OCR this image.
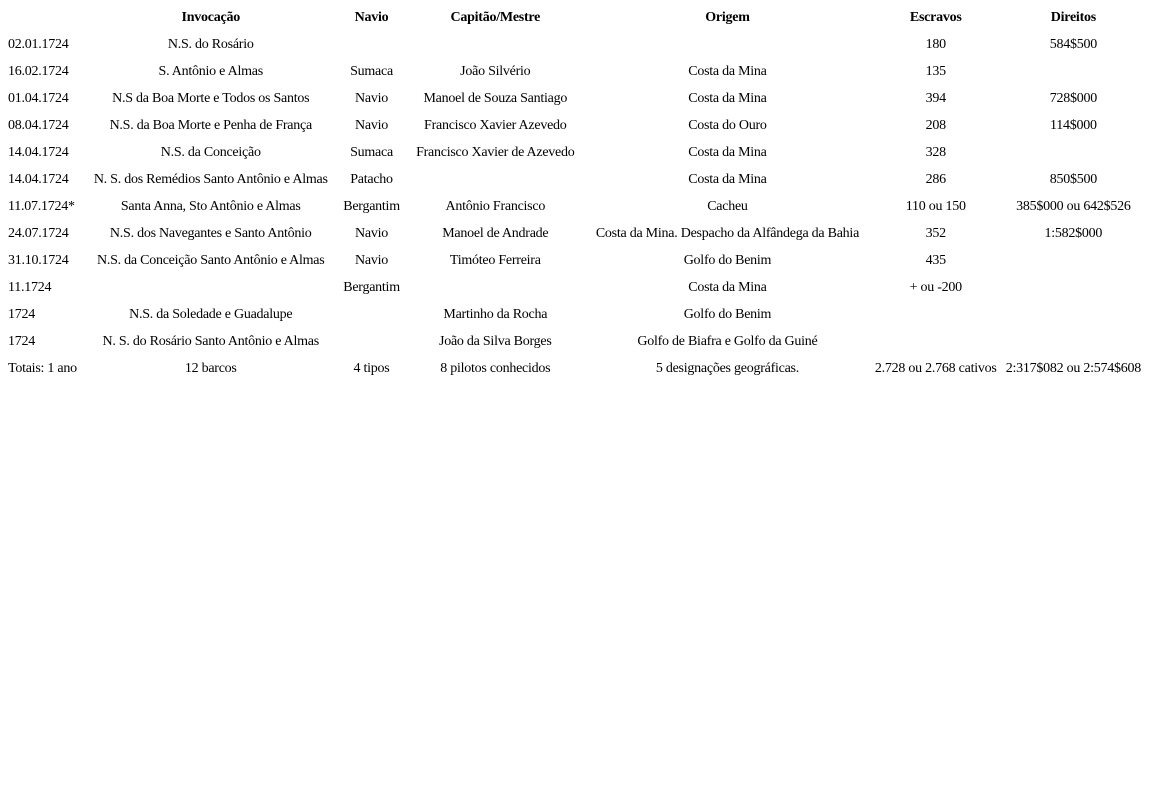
	Invocação	Navio	Capitão/Mestre	Origem	Escravos	Direitos
02.01.1724	N.S. do Rosário				180	584$500
16.02.1724	S. Antônio e Almas	Sumaca	João Silvério	Costa da Mina	135	
01.04.1724	N.S da Boa Morte e Todos os Santos	Navio	Manoel de Souza Santiago	Costa da Mina	394	728$000
08.04.1724	N.S. da Boa Morte e Penha de França	Navio	Francisco Xavier Azevedo	Costa do Ouro	208	114$000
14.04.1724	N.S. da Conceição	Sumaca	Francisco Xavier de Azevedo	Costa da Mina	328	
14.04.1724	N. S. dos Remédios Santo Antônio e Almas	Patacho		Costa da Mina	286	850$500
11.07.1724*	Santa Anna, Sto Antônio e Almas	Bergantim	Antônio Francisco	Cacheu	110 ou 150	385$000 ou 642$526
24.07.1724	N.S. dos Navegantes e Santo Antônio	Navio	Manoel de Andrade	Costa da Mina. Despacho da Alfândega da Bahia	352	1:582$000
31.10.1724	N.S. da Conceição Santo Antônio e Almas	Navio	Timóteo Ferreira	Golfo do Benim	435	
11.1724		Bergantim		Costa da Mina	+ ou -200	
1724	N.S. da Soledade e Guadalupe		Martinho da Rocha	Golfo do Benim		
1724	N. S. do Rosário Santo Antônio e Almas		João da Silva Borges	Golfo de Biafra e Golfo da Guiné		
Totais: 1 ano	12 barcos	4 tipos	8 pilotos conhecidos	5 designações geográficas.	2.728 ou 2.768 cativos	2:317$082 ou 2:574$608
